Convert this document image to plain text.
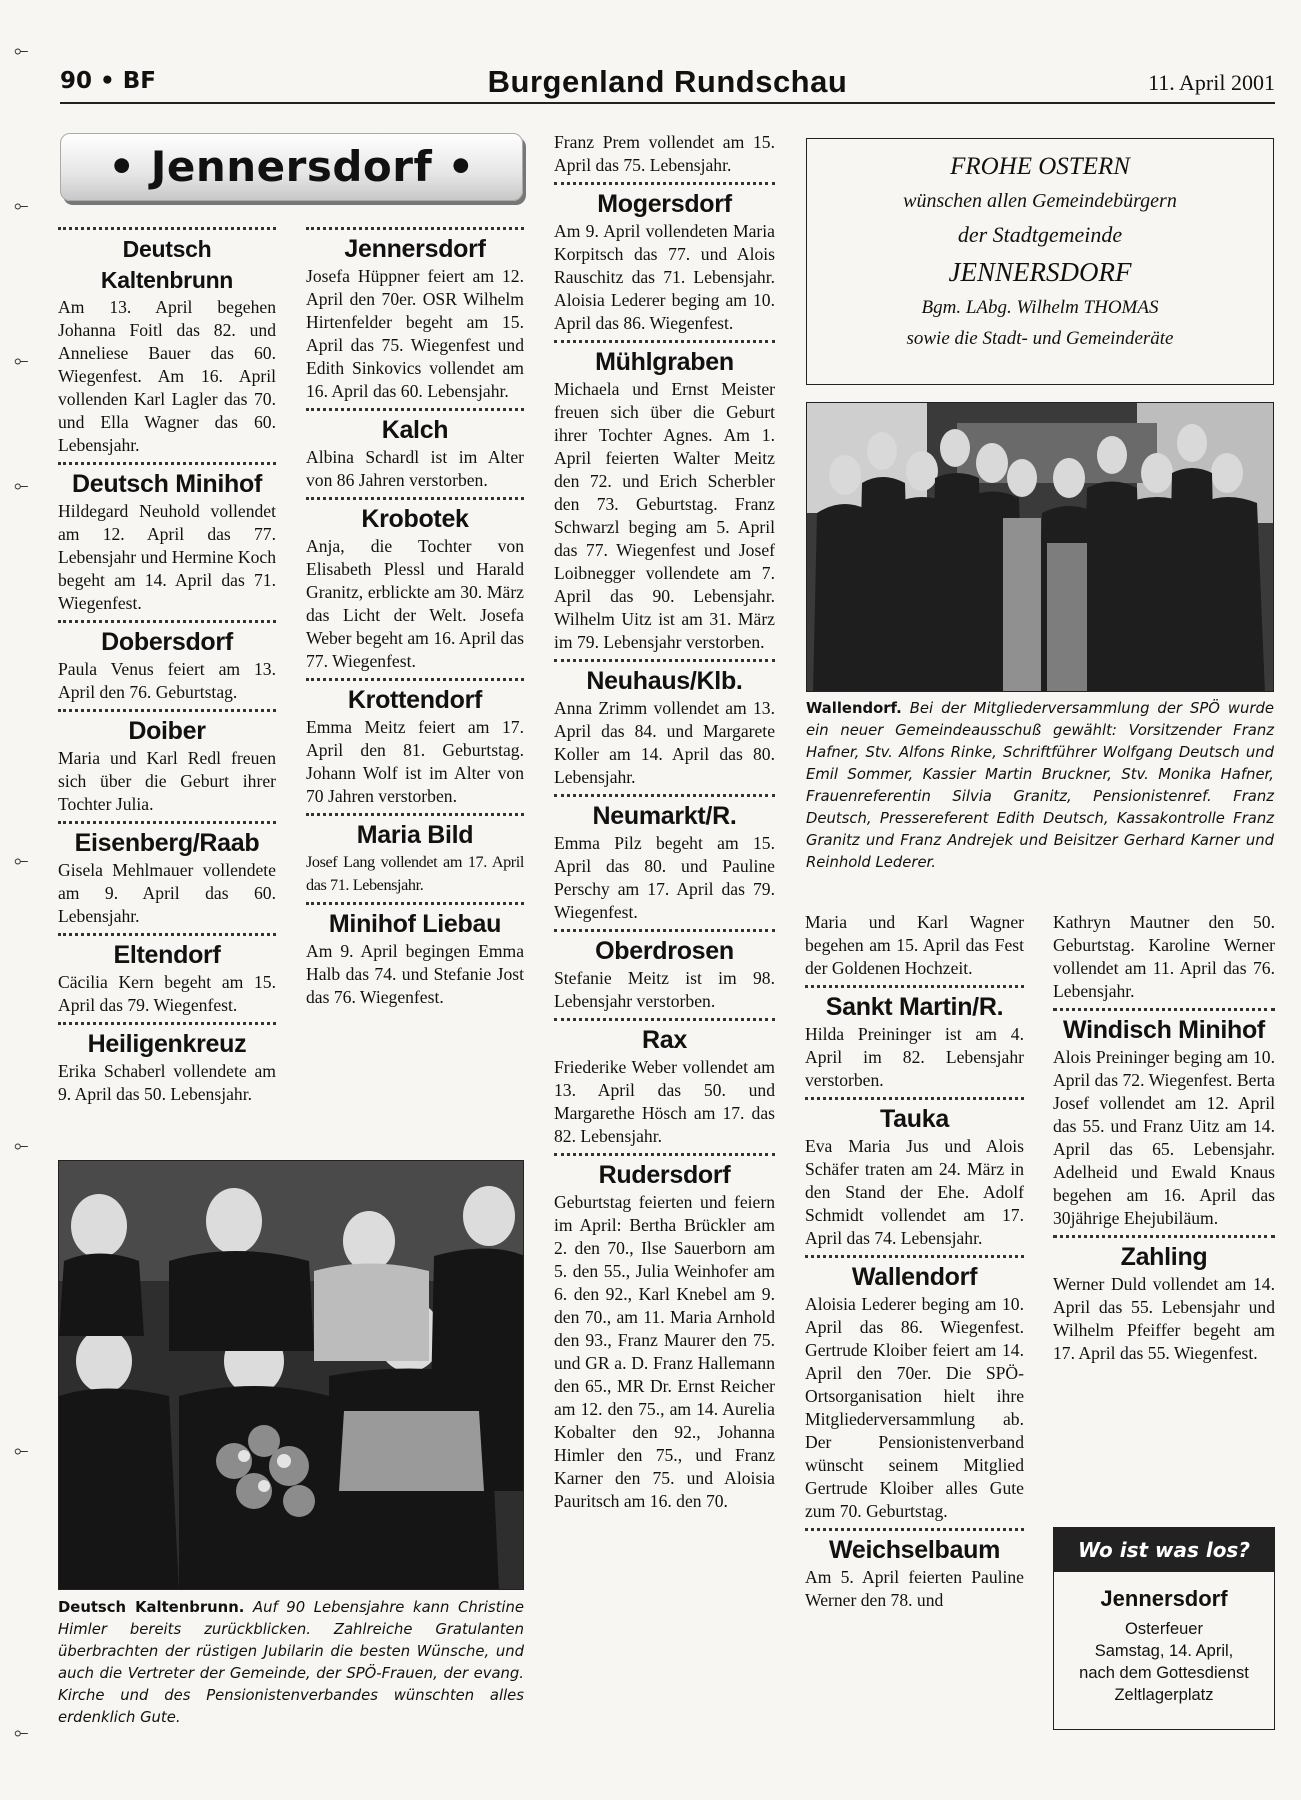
⟜
⟜
⟜
⟜
⟜
⟜
⟜
⟜
90 • BF	Burgenland Rundschau	11. April 2001
• Jennersdorf •
Deutsch Kaltenbrunn

Am 13. April begehen Johanna Foitl das 82. und Anneliese Bauer das 60. Wiegenfest. Am 16. April vollenden Karl Lagler das 70. und Ella Wagner das 60. Lebensjahr.

Deutsch Minihof

Hildegard Neuhold vollendet am 12. April das 77. Lebensjahr und Hermine Koch begeht am 14. April das 71. Wiegenfest.

Dobersdorf

Paula Venus feiert am 13. April den 76. Geburtstag.

Doiber

Maria und Karl Redl freuen sich über die Geburt ihrer Tochter Julia.

Eisenberg/Raab

Gisela Mehlmauer vollendete am 9. April das 60. Lebensjahr.

Eltendorf

Cäcilia Kern begeht am 15. April das 79. Wiegenfest.

Heiligenkreuz

Erika Schaberl vollendete am 9. April das 50. Lebensjahr.

Jennersdorf

Josefa Hüppner feiert am 12. April den 70er. OSR Wilhelm Hirtenfelder begeht am 15. April das 75. Wiegenfest und Edith Sinkovics vollendet am 16. April das 60. Lebensjahr.

Kalch

Albina Schardl ist im Alter von 86 Jahren verstorben.

Krobotek

Anja, die Tochter von Elisabeth Plessl und Harald Granitz, erblickte am 30. März das Licht der Welt. Josefa Weber begeht am 16. April das 77. Wiegenfest.

Krottendorf

Emma Meitz feiert am 17. April den 81. Geburtstag. Johann Wolf ist im Alter von 70 Jahren verstorben.

Maria Bild

Josef Lang vollendet am 17. April das 71. Lebensjahr.

Minihof Liebau

Am 9. April begingen Emma Halb das 74. und Stefanie Jost das 76. Wiegenfest.

Franz Prem vollendet am 15. April das 75. Lebensjahr.

Mogersdorf

Am 9. April vollendeten Maria Korpitsch das 77. und Alois Rauschitz das 71. Lebensjahr. Aloisia Lederer beging am 10. April das 86. Wiegenfest.

Mühlgraben

Michaela und Ernst Meister freuen sich über die Geburt ihrer Tochter Agnes. Am 1. April feierten Walter Meitz den 72. und Erich Scherbler den 73. Geburtstag. Franz Schwarzl beging am 5. April das 77. Wiegenfest und Josef Loibnegger vollendete am 7. April das 90. Lebensjahr. Wilhelm Uitz ist am 31. März im 79. Lebensjahr verstorben.

Neuhaus/Klb.

Anna Zrimm vollendet am 13. April das 84. und Margarete Koller am 14. April das 80. Lebensjahr.

Neumarkt/R.

Emma Pilz begeht am 15. April das 80. und Pauline Perschy am 17. April das 79. Wiegenfest.

Oberdrosen

Stefanie Meitz ist im 98. Lebensjahr verstorben.

Rax

Friederike Weber vollendet am 13. April das 50. und Margarethe Hösch am 17. das 82. Lebensjahr.

Rudersdorf

Geburtstag feierten und feiern im April: Bertha Brückler am 2. den 70., Ilse Sauerborn am 5. den 55., Julia Weinhofer am 6. den 92., Karl Knebel am 9. den 70., am 11. Maria Arnhold den 93., Franz Maurer den 75. und GR a. D. Franz Hallemann den 65., MR Dr. Ernst Reicher am 12. den 75., am 14. Aurelia Kobalter den 92., Johanna Himler den 75., und Franz Karner den 75. und Aloisia Pauritsch am 16. den 70.

Maria und Karl Wagner begehen am 15. April das Fest der Goldenen Hochzeit.

Sankt Martin/R.

Hilda Preininger ist am 4. April im 82. Lebensjahr verstorben.

Tauka

Eva Maria Jus und Alois Schäfer traten am 24. März in den Stand der Ehe. Adolf Schmidt vollendet am 17. April das 74. Lebensjahr.

Wallendorf

Aloisia Lederer beging am 10. April das 86. Wiegenfest. Gertrude Kloiber feiert am 14. April den 70er. Die SPÖ-Ortsorganisation hielt ihre Mitgliederversammlung ab. Der Pensionistenverband wünscht seinem Mitglied Gertrude Kloiber alles Gute zum 70. Geburtstag.

Weichselbaum

Am 5. April feierten Pauline Werner den 78. und

Kathryn Mautner den 50. Geburtstag. Karoline Werner vollendet am 11. April das 76. Lebensjahr.

Windisch Minihof

Alois Preininger beging am 10. April das 72. Wiegenfest. Berta Josef vollendet am 12. April das 55. und Franz Uitz am 14. April das 65. Lebensjahr. Adelheid und Ewald Knaus begehen am 16. April das 30jährige Ehejubiläum.

Zahling

Werner Duld vollendet am 14. April das 55. Lebensjahr und Wilhelm Pfeiffer begeht am 17. April das 55. Wiegenfest.

FROHE OSTERN
wünschen allen Gemeindebürgern
der Stadtgemeinde
JENNERSDORF
Bgm. LAbg. Wilhelm THOMAS
sowie die Stadt- und Gemeinderäte
Wallendorf. Bei der Mitgliederversammlung der SPÖ wurde ein neuer Gemeindeausschuß gewählt: Vorsitzender Franz Hafner, Stv. Alfons Rinke, Schriftführer Wolfgang Deutsch und Emil Sommer, Kassier Martin Bruckner, Stv. Monika Hafner, Frauenreferentin Silvia Granitz, Pensionistenref. Franz Deutsch, Pressereferent Edith Deutsch, Kassakontrolle Franz Granitz und Franz Andrejek und Beisitzer Gerhard Karner und Reinhold Lederer.
Deutsch Kaltenbrunn. Auf 90 Lebensjahre kann Christine Himler bereits zurückblicken. Zahlreiche Gratulanten überbrachten der rüstigen Jubilarin die besten Wünsche, und auch die Vertreter der Gemeinde, der SPÖ-Frauen, der evang. Kirche und des Pensionistenverbandes wünschten alles erdenklich Gute.
Wo ist was los?
Jennersdorf
Osterfeuer
Samstag, 14. April,
nach dem Gottesdienst
Zeltlagerplatz
